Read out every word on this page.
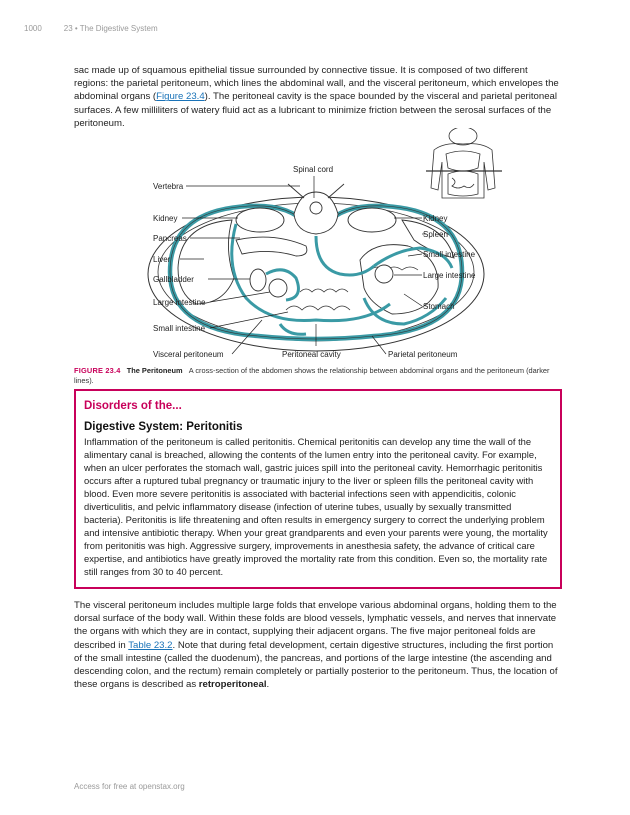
1000	23 • The Digestive System

sac made up of squamous epithelial tissue surrounded by connective tissue. It is composed of two different regions: the parietal peritoneum, which lines the abdominal wall, and the visceral peritoneum, which envelopes the abdominal organs (Figure 23.4). The peritoneal cavity is the space bounded by the visceral and parietal peritoneal surfaces. A few milliliters of watery fluid act as a lubricant to minimize friction between the serosal surfaces of the peritoneum.

Spinal cord
Vertebra
Kidney
Pancreas
Liver
Gallbladder
Large intestine
Small intestine
Visceral peritoneum	Peritoneal cavity	Parietal peritoneum
Kidney
Spleen
Small intestine
Large intestine
Stomach
FIGURE 23.4 The Peritoneum A cross-section of the abdomen shows the relationship between abdominal organs and the peritoneum (darker lines).
Disorders of the...
Digestive System: Peritonitis

Inflammation of the peritoneum is called peritonitis. Chemical peritonitis can develop any time the wall of the alimentary canal is breached, allowing the contents of the lumen entry into the peritoneal cavity. For example, when an ulcer perforates the stomach wall, gastric juices spill into the peritoneal cavity. Hemorrhagic peritonitis occurs after a ruptured tubal pregnancy or traumatic injury to the liver or spleen fills the peritoneal cavity with blood. Even more severe peritonitis is associated with bacterial infections seen with appendicitis, colonic diverticulitis, and pelvic inflammatory disease (infection of uterine tubes, usually by sexually transmitted bacteria). Peritonitis is life threatening and often results in emergency surgery to correct the underlying problem and intensive antibiotic therapy. When your great grandparents and even your parents were young, the mortality from peritonitis was high. Aggressive surgery, improvements in anesthesia safety, the advance of critical care expertise, and antibiotics have greatly improved the mortality rate from this condition. Even so, the mortality rate still ranges from 30 to 40 percent.

The visceral peritoneum includes multiple large folds that envelope various abdominal organs, holding them to the dorsal surface of the body wall. Within these folds are blood vessels, lymphatic vessels, and nerves that innervate the organs with which they are in contact, supplying their adjacent organs. The five major peritoneal folds are described in Table 23.2. Note that during fetal development, certain digestive structures, including the first portion of the small intestine (called the duodenum), the pancreas, and portions of the large intestine (the ascending and descending colon, and the rectum) remain completely or partially posterior to the peritoneum. Thus, the location of these organs is described as retroperitoneal.

Access for free at openstax.org
